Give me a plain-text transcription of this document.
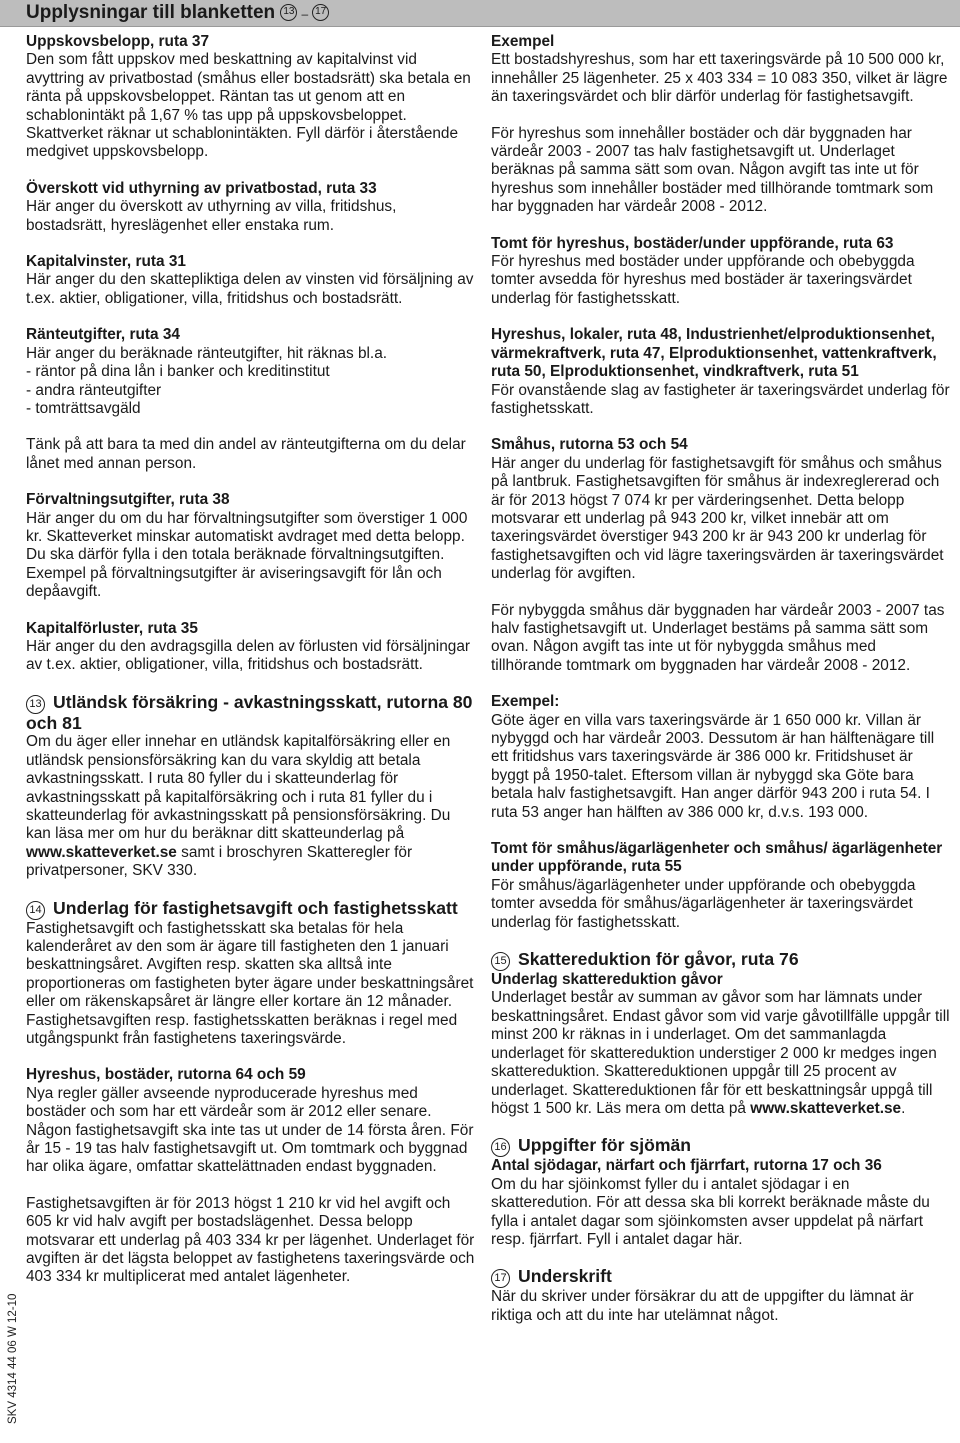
Upplysningar till blanketten 13 – 17
SKV 4314 44 06 W 12-10
Uppskovsbelopp, ruta 37
Den som fått uppskov med beskattning av kapitalvinst vid avyttring av privatbostad (småhus eller bostadsrätt) ska betala en ränta på uppskovsbeloppet. Räntan tas ut genom att en schablonintäkt på 1,67 % tas upp på uppskovsbeloppet. Skattverket räknar ut schablonintäkten. Fyll därför i återstående medgivet uppskovsbelopp.
Överskott vid uthyrning av privatbostad, ruta 33
Här anger du överskott av uthyrning av villa, fritidshus, bostadsrätt, hyreslägenhet eller enstaka rum.
Kapitalvinster, ruta 31
Här anger du den skattepliktiga delen av vinsten vid försäljning av t.ex. aktier, obligationer, villa, fritidshus och bostadsrätt.
Ränteutgifter, ruta 34
Här anger du beräknade ränteutgifter, hit räknas bl.a.
- räntor på dina lån i banker och kreditinstitut
- andra ränteutgifter
- tomträttsavgäld
Tänk på att bara ta med din andel av ränteutgifterna om du delar lånet med annan person.
Förvaltningsutgifter, ruta 38
Här anger du om du har förvaltningsutgifter som överstiger 1 000 kr. Skatteverket minskar automatiskt avdraget med detta belopp. Du ska därför fylla i den totala beräknade förvaltningsutgiften. Exempel på förvaltningsutgifter är aviseringsavgift för lån och depåavgift.
Kapitalförluster, ruta 35
Här anger du den avdragsgilla delen av förlusten vid försäljningar av t.ex. aktier, obligationer, villa, fritidshus och bostadsrätt.
13 Utländsk försäkring - avkastningsskatt, rutorna 80 och 81
Om du äger eller innehar en utländsk kapitalförsäkring eller en utländsk pensionsförsäkring kan du vara skyldig att betala avkastningsskatt. I ruta 80 fyller du i skatteunderlag för avkastningsskatt på kapitalförsäkring och i ruta 81 fyller du i skatteunderlag för avkastningsskatt på pensionsförsäkring. Du kan läsa mer om hur du beräknar ditt skatteunderlag på www.skatteverket.se samt i broschyren Skatteregler för privatpersoner, SKV 330.
14 Underlag för fastighetsavgift och fastighetsskatt
Fastighetsavgift och fastighetsskatt ska betalas för hela kalenderåret av den som är ägare till fastigheten den 1 januari beskattningsåret. Avgiften resp. skatten ska alltså inte proportioneras om fastigheten byter ägare under beskattningsåret eller om räkenskapsåret är längre eller kortare än 12 månader. Fastighetsavgiften resp. fastighetsskatten beräknas i regel med utgångspunkt från fastighetens taxeringsvärde.
Hyreshus, bostäder, rutorna 64 och 59
Nya regler gäller avseende nyproducerade hyreshus med bostäder och som har ett värdeår som är 2012 eller senare. Någon fastighetsavgift ska inte tas ut under de 14 första åren. För år 15 - 19 tas halv fastighetsavgift ut. Om tomtmark och byggnad har olika ägare, omfattar skattelättnaden endast byggnaden.
Fastighetsavgiften är för 2013 högst 1 210 kr vid hel avgift och 605 kr vid halv avgift per bostadslägenhet. Dessa belopp motsvarar ett underlag på 403 334 kr per lägenhet. Underlaget för avgiften är det lägsta beloppet av fastighetens taxeringsvärde och 403 334 kr multiplicerat med antalet lägenheter.
Exempel
Ett bostadshyreshus, som har ett taxeringsvärde på 10 500 000 kr, innehåller 25 lägenheter. 25 x 403 334 = 10 083 350, vilket är lägre än taxeringsvärdet och blir därför underlag för fastighetsavgift.
För hyreshus som innehåller bostäder och där byggnaden har värdeår 2003 - 2007 tas halv fastighetsavgift ut. Underlaget beräknas på samma sätt som ovan. Någon avgift tas inte ut för hyreshus som innehåller bostäder med tillhörande tomtmark som har byggnaden har värdeår 2008 - 2012.
Tomt för hyreshus, bostäder/under uppförande, ruta 63
För hyreshus med bostäder under uppförande och obebyggda tomter avsedda för hyreshus med bostäder är taxeringsvärdet underlag för fastighetsskatt.
Hyreshus, lokaler, ruta 48, Industrienhet/elproduktionsenhet, värmekraftverk, ruta 47, Elproduktionsenhet, vattenkraftverk, ruta 50, Elproduktionsenhet, vindkraftverk, ruta 51
För ovanstående slag av fastigheter är taxeringsvärdet underlag för fastighetsskatt.
Småhus, rutorna 53 och 54
Här anger du underlag för fastighetsavgift för småhus och småhus på lantbruk. Fastighetsavgiften för småhus är indexreglererad och är för 2013 högst 7 074 kr per värderingsenhet. Detta belopp motsvarar ett underlag på 943 200 kr, vilket innebär att om taxeringsvärdet överstiger 943 200 kr är 943 200 kr underlag för fastighetsavgiften och vid lägre taxeringsvärden är taxeringsvärdet underlag för avgiften.
För nybyggda småhus där byggnaden har värdeår 2003 - 2007 tas halv fastighetsavgift ut. Underlaget bestäms på samma sätt som ovan. Någon avgift tas inte ut för nybyggda småhus med tillhörande tomtmark om byggnaden har värdeår 2008 - 2012.
Exempel:
Göte äger en villa vars taxeringsvärde är 1 650 000 kr. Villan är nybyggd och har värdeår 2003. Dessutom är han hälftenägare till ett fritidshus vars taxeringsvärde är 386 000 kr. Fritidshuset är byggt på 1950-talet. Eftersom villan är nybyggd ska Göte bara betala halv fastighetsavgift. Han anger därför 943 200 i ruta 54. I ruta 53 anger han hälften av 386 000 kr, d.v.s. 193 000.
Tomt för småhus/ägarlägenheter och småhus/ ägarlägenheter under uppförande, ruta 55
För småhus/ägarlägenheter under uppförande och obebyggda tomter avsedda för småhus/ägarlägenheter är taxeringsvärdet underlag för fastighetsskatt.
15 Skattereduktion för gåvor, ruta 76
Underlag skattereduktion gåvor
Underlaget består av summan av gåvor som har lämnats under beskattningsåret. Endast gåvor som vid varje gåvotillfälle uppgår till minst 200 kr räknas in i underlaget. Om det sammanlagda underlaget för skattereduktion understiger 2 000 kr medges ingen skattereduktion. Skattereduktionen uppgår till 25 procent av underlaget. Skattereduktionen får för ett beskattningsår uppgå till högst 1 500 kr. Läs mera om detta på www.skatteverket.se.
16 Uppgifter för sjömän
Antal sjödagar, närfart och fjärrfart, rutorna 17 och 36
Om du har sjöinkomst fyller du i antalet sjödagar i en skatteredution. För att dessa ska bli korrekt beräknade måste du fylla i antalet dagar som sjöinkomsten avser uppdelat på närfart resp. fjärrfart. Fyll i antalet dagar här.
17 Underskrift
När du skriver under försäkrar du att de uppgifter du lämnat är riktiga och att du inte har utelämnat något.
